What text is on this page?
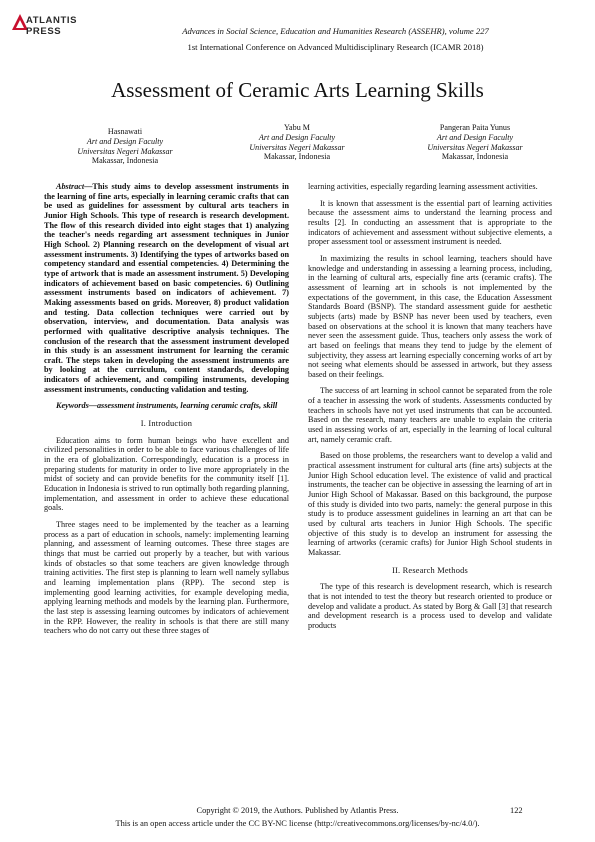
ATLANTIS
PRESS	Advances in Social Science, Education and Humanities Research (ASSEHR), volume 227
1st International Conference on Advanced Multidisciplinary Research (ICAMR 2018)
Assessment of Ceramic Arts Learning Skills
Hasnawati
Art and Design Faculty
Universitas Negeri Makassar
Makassar, Indonesia
Yabu M
Art and Design Faculty
Universitas Negeri Makassar
Makassar, Indonesia
Pangeran Paita Yunus
Art and Design Faculty
Universitas Negeri Makassar
Makassar, Indonesia

Abstract—This study aims to develop assessment instruments in the learning of fine arts, especially in learning ceramic crafts that can be used as guidelines for assessment by cultural arts teachers in Junior High Schools. This type of research is research development. The flow of this research divided into eight stages that 1) analyzing the teacher's needs regarding art assessment techniques in Junior High School. 2) Planning research on the development of visual art assessment instruments. 3) Identifying the types of artworks based on competency standard and essential competencies. 4) Determining the type of artwork that is made an assessment instrument. 5) Developing indicators of achievement based on basic competencies. 6) Outlining assessment instruments based on indicators of achievement. 7) Making assessments based on grids. Moreover, 8) product validation and testing. Data collection techniques were carried out by observation, interview, and documentation. Data analysis was performed with qualitative descriptive analysis techniques. The conclusion of the research that the assessment instrument developed in this study is an assessment instrument for learning the ceramic craft. The steps taken in developing the assessment instruments are by looking at the curriculum, content standards, developing indicators of achievement, and compiling instruments, developing assessment instruments, conducting validation and testing.

Keywords—assessment instruments, learning ceramic crafts, skill

I. Introduction

Education aims to form human beings who have excellent and civilized personalities in order to be able to face various challenges of life in the era of globalization. Correspondingly, education is a process in preparing students for maturity in order to live more appropriately in the midst of society and can provide benefits for the community itself [1]. Education in Indonesia is strived to run optimally both regarding planning, implementation, and assessment in order to achieve these educational goals.

Three stages need to be implemented by the teacher as a learning process as a part of education in schools, namely: implementing learning planning, and assessment of learning outcomes. These three stages are things that must be carried out properly by a teacher, but with various kinds of obstacles so that some teachers are given knowledge through training activities. The first step is planning to learn well namely syllabus and learning implementation plans (RPP). The second step is implementing good learning activities, for example developing media, applying learning methods and models by the learning plan. Furthermore, the last step is assessing learning outcomes by indicators of achievement in the RPP. However, the reality in schools is that there are still many teachers who do not carry out these three stages of

learning activities, especially regarding learning assessment activities.

It is known that assessment is the essential part of learning activities because the assessment aims to understand the learning process and results [2]. In conducting an assessment that is appropriate to the indicators of achievement and assessment without subjective elements, a proper assessment tool or assessment instrument is needed.

In maximizing the results in school learning, teachers should have knowledge and understanding in assessing a learning process, including, in the learning of cultural arts, especially fine arts (ceramic crafts). The assessment of learning art in schools is not implemented by the expectations of the government, in this case, the Education Assessment Standards Board (BSNP). The standard assessment guide for aesthetic subjects (arts) made by BSNP has never been used by teachers, even based on observations at the school it is known that many teachers have never seen the assessment guide. Thus, teachers only assess the work of art based on feelings that means they tend to judge by the element of subjectivity, they assess art learning especially concerning works of art by not seeing what elements should be assessed in artwork, but they assess based on their feelings.

The success of art learning in school cannot be separated from the role of a teacher in assessing the work of students. Assessments conducted by teachers in schools have not yet used instruments that can be accounted. Based on the research, many teachers are unable to explain the criteria used in assessing works of art, especially in the learning of local cultural art, namely ceramic craft.

Based on those problems, the researchers want to develop a valid and practical assessment instrument for cultural arts (fine arts) subjects at the Junior High School education level. The existence of valid and practical instruments, the teacher can be objective in assessing the learning of art in Junior High School of Makassar. Based on this background, the purpose of this study is divided into two parts, namely: the general purpose in this study is to produce assessment guidelines in learning an art that can be used by cultural arts teachers in Junior High Schools. The specific objective of this study is to develop an instrument for assessing the learning of artworks (ceramic crafts) for Junior High School students in Makassar.

II. Research Methods

The type of this research is development research, which is research that is not intended to test the theory but research oriented to produce or develop and validate a product. As stated by Borg & Gall [3] that research and development research is a process used to develop and validate products

Copyright © 2019, the Authors. Published by Atlantis Press.	122
This is an open access article under the CC BY-NC license (http://creativecommons.org/licenses/by-nc/4.0/).
